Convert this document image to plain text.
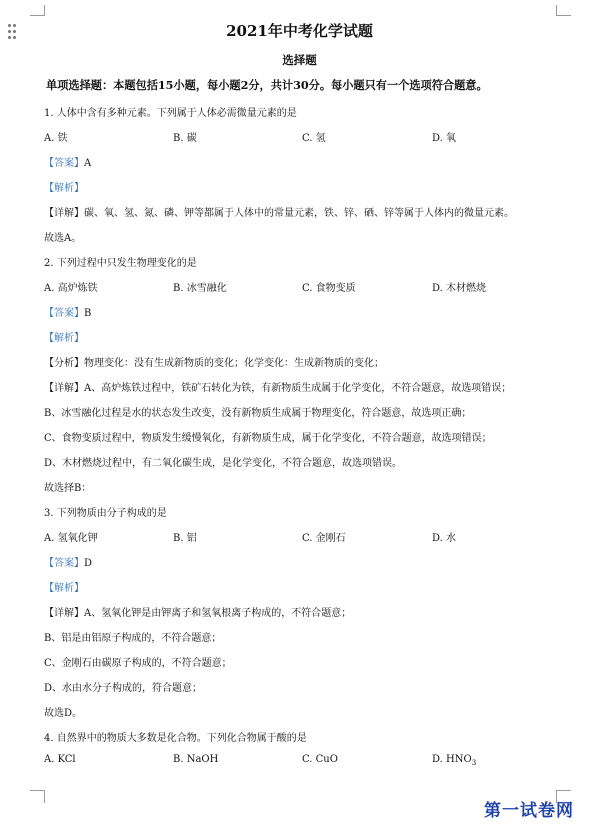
2021年中考化学试题
选择题
单项选择题：本题包括15小题，每小题2分，共计30分。每小题只有一个选项符合题意。
1. 人体中含有多种元素。下列属于人体必需微量元素的是
A. 铁	B. 碳	C. 氢	D. 氧
【答案】A
【解析】
【详解】碳、氧、氢、氮、磷、钾等都属于人体中的常量元素，铁、锌、硒、锌等属于人体内的微量元素。
故选A。
2. 下列过程中只发生物理变化的是
A. 高炉炼铁	B. 冰雪融化	C. 食物变质	D. 木材燃烧
【答案】B
【解析】
【分析】物理变化：没有生成新物质的变化；化学变化：生成新物质的变化；
【详解】A、高炉炼铁过程中，铁矿石转化为铁，有新物质生成属于化学变化，不符合题意，故选项错误；
B、冰雪融化过程是水的状态发生改变，没有新物质生成属于物理变化，符合题意，故选项正确；
C、食物变质过程中，物质发生缓慢氧化，有新物质生成，属于化学变化，不符合题意，故选项错误；
D、木材燃烧过程中，有二氧化碳生成，是化学变化，不符合题意，故选项错误。
故选择B：
3. 下列物质由分子构成的是
A. 氢氧化钾	B. 铝	C. 金刚石	D. 水
【答案】D
【解析】
【详解】A、氢氧化钾是由钾离子和氢氧根离子构成的，不符合题意；
B、铝是由铝原子构成的，不符合题意；
C、金刚石由碳原子构成的，不符合题意；
D、水由水分子构成的，符合题意；
故选D。
4. 自然界中的物质大多数是化合物。下列化合物属于酸的是
A. KCl	B. NaOH	C. CuO	D. $HNO_3$
第一试卷网
